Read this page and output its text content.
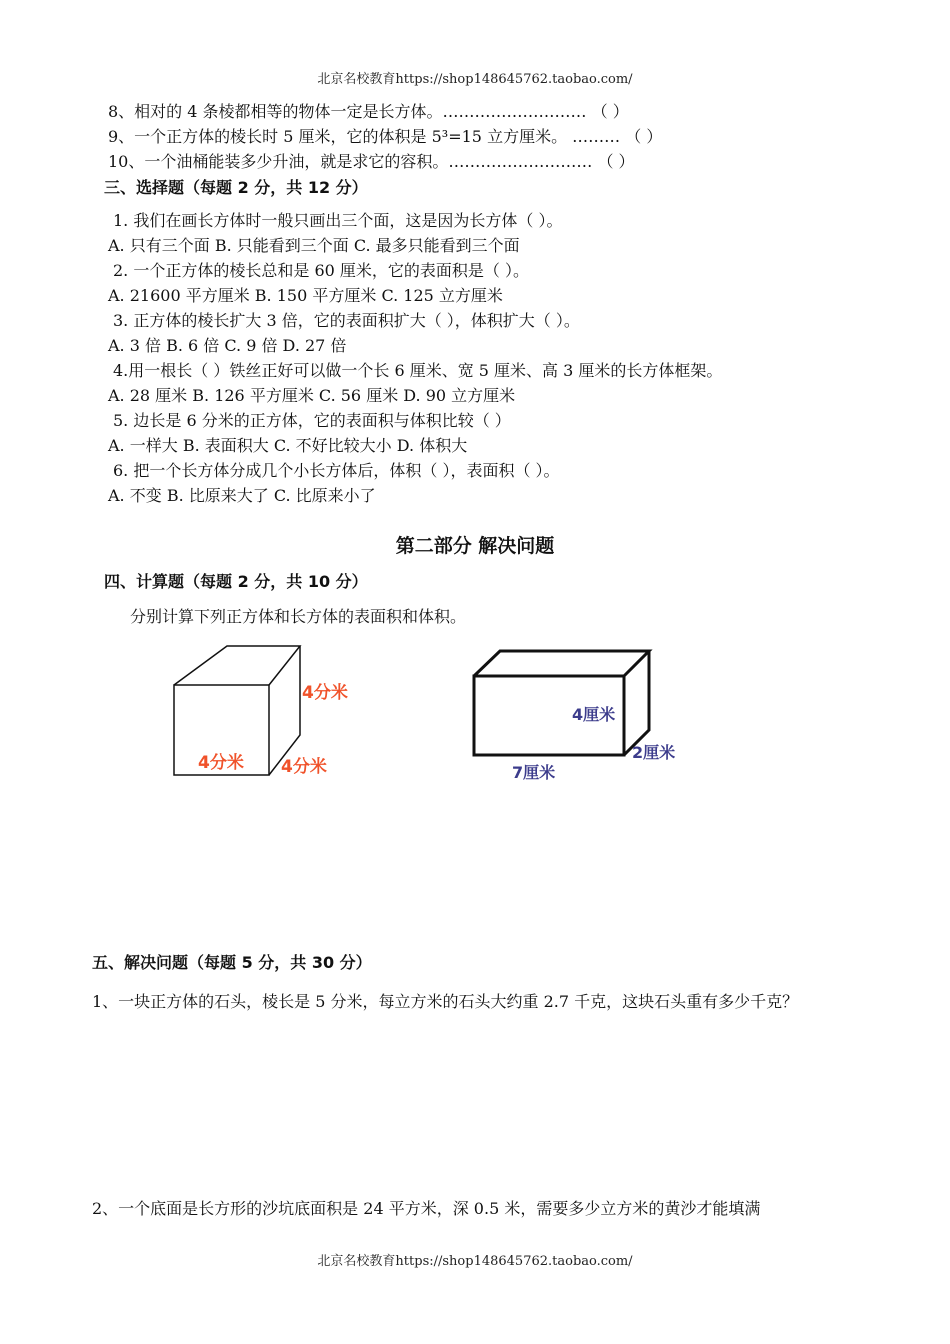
北京名校教育https://shop148645762.taobao.com/
8、相对的 4 条棱都相等的物体一定是长方体。……………………… （ ）
9、一个正方体的棱长时 5 厘米，它的体积是 5³=15 立方厘米。 ……… （ ）
10、一个油桶能装多少升油，就是求它的容积。……………………… （ ）
三、选择题（每题 2 分，共 12 分）
1. 我们在画长方体时一般只画出三个面，这是因为长方体（ ）。
A. 只有三个面 B. 只能看到三个面 C. 最多只能看到三个面
2. 一个正方体的棱长总和是 60 厘米，它的表面积是（ ）。
A. 21600 平方厘米 B. 150 平方厘米 C. 125 立方厘米
3. 正方体的棱长扩大 3 倍，它的表面积扩大（ ），体积扩大（ ）。
A. 3 倍 B. 6 倍 C. 9 倍 D. 27 倍
4.用一根长（ ）铁丝正好可以做一个长 6 厘米、宽 5 厘米、高 3 厘米的长方体框架。
A. 28 厘米 B. 126 平方厘米 C. 56 厘米 D. 90 立方厘米
5. 边长是 6 分米的正方体，它的表面积与体积比较（ ）
A. 一样大 B. 表面积大 C. 不好比较大小 D. 体积大
6. 把一个长方体分成几个小长方体后，体积（ ），表面积（ ）。
A. 不变 B. 比原来大了 C. 比原来小了
第二部分 解决问题
四、计算题（每题 2 分，共 10 分）
分别计算下列正方体和长方体的表面积和体积。
4分米
4分米 4分米
4厘米
7厘米
2厘米
五、解决问题（每题 5 分，共 30 分）
1、一块正方体的石头，棱长是 5 分米，每立方米的石头大约重 2.7 千克，这块石头重有多少千克？
2、一个底面是长方形的沙坑底面积是 24 平方米，深 0.5 米，需要多少立方米的黄沙才能填满
北京名校教育https://shop148645762.taobao.com/
